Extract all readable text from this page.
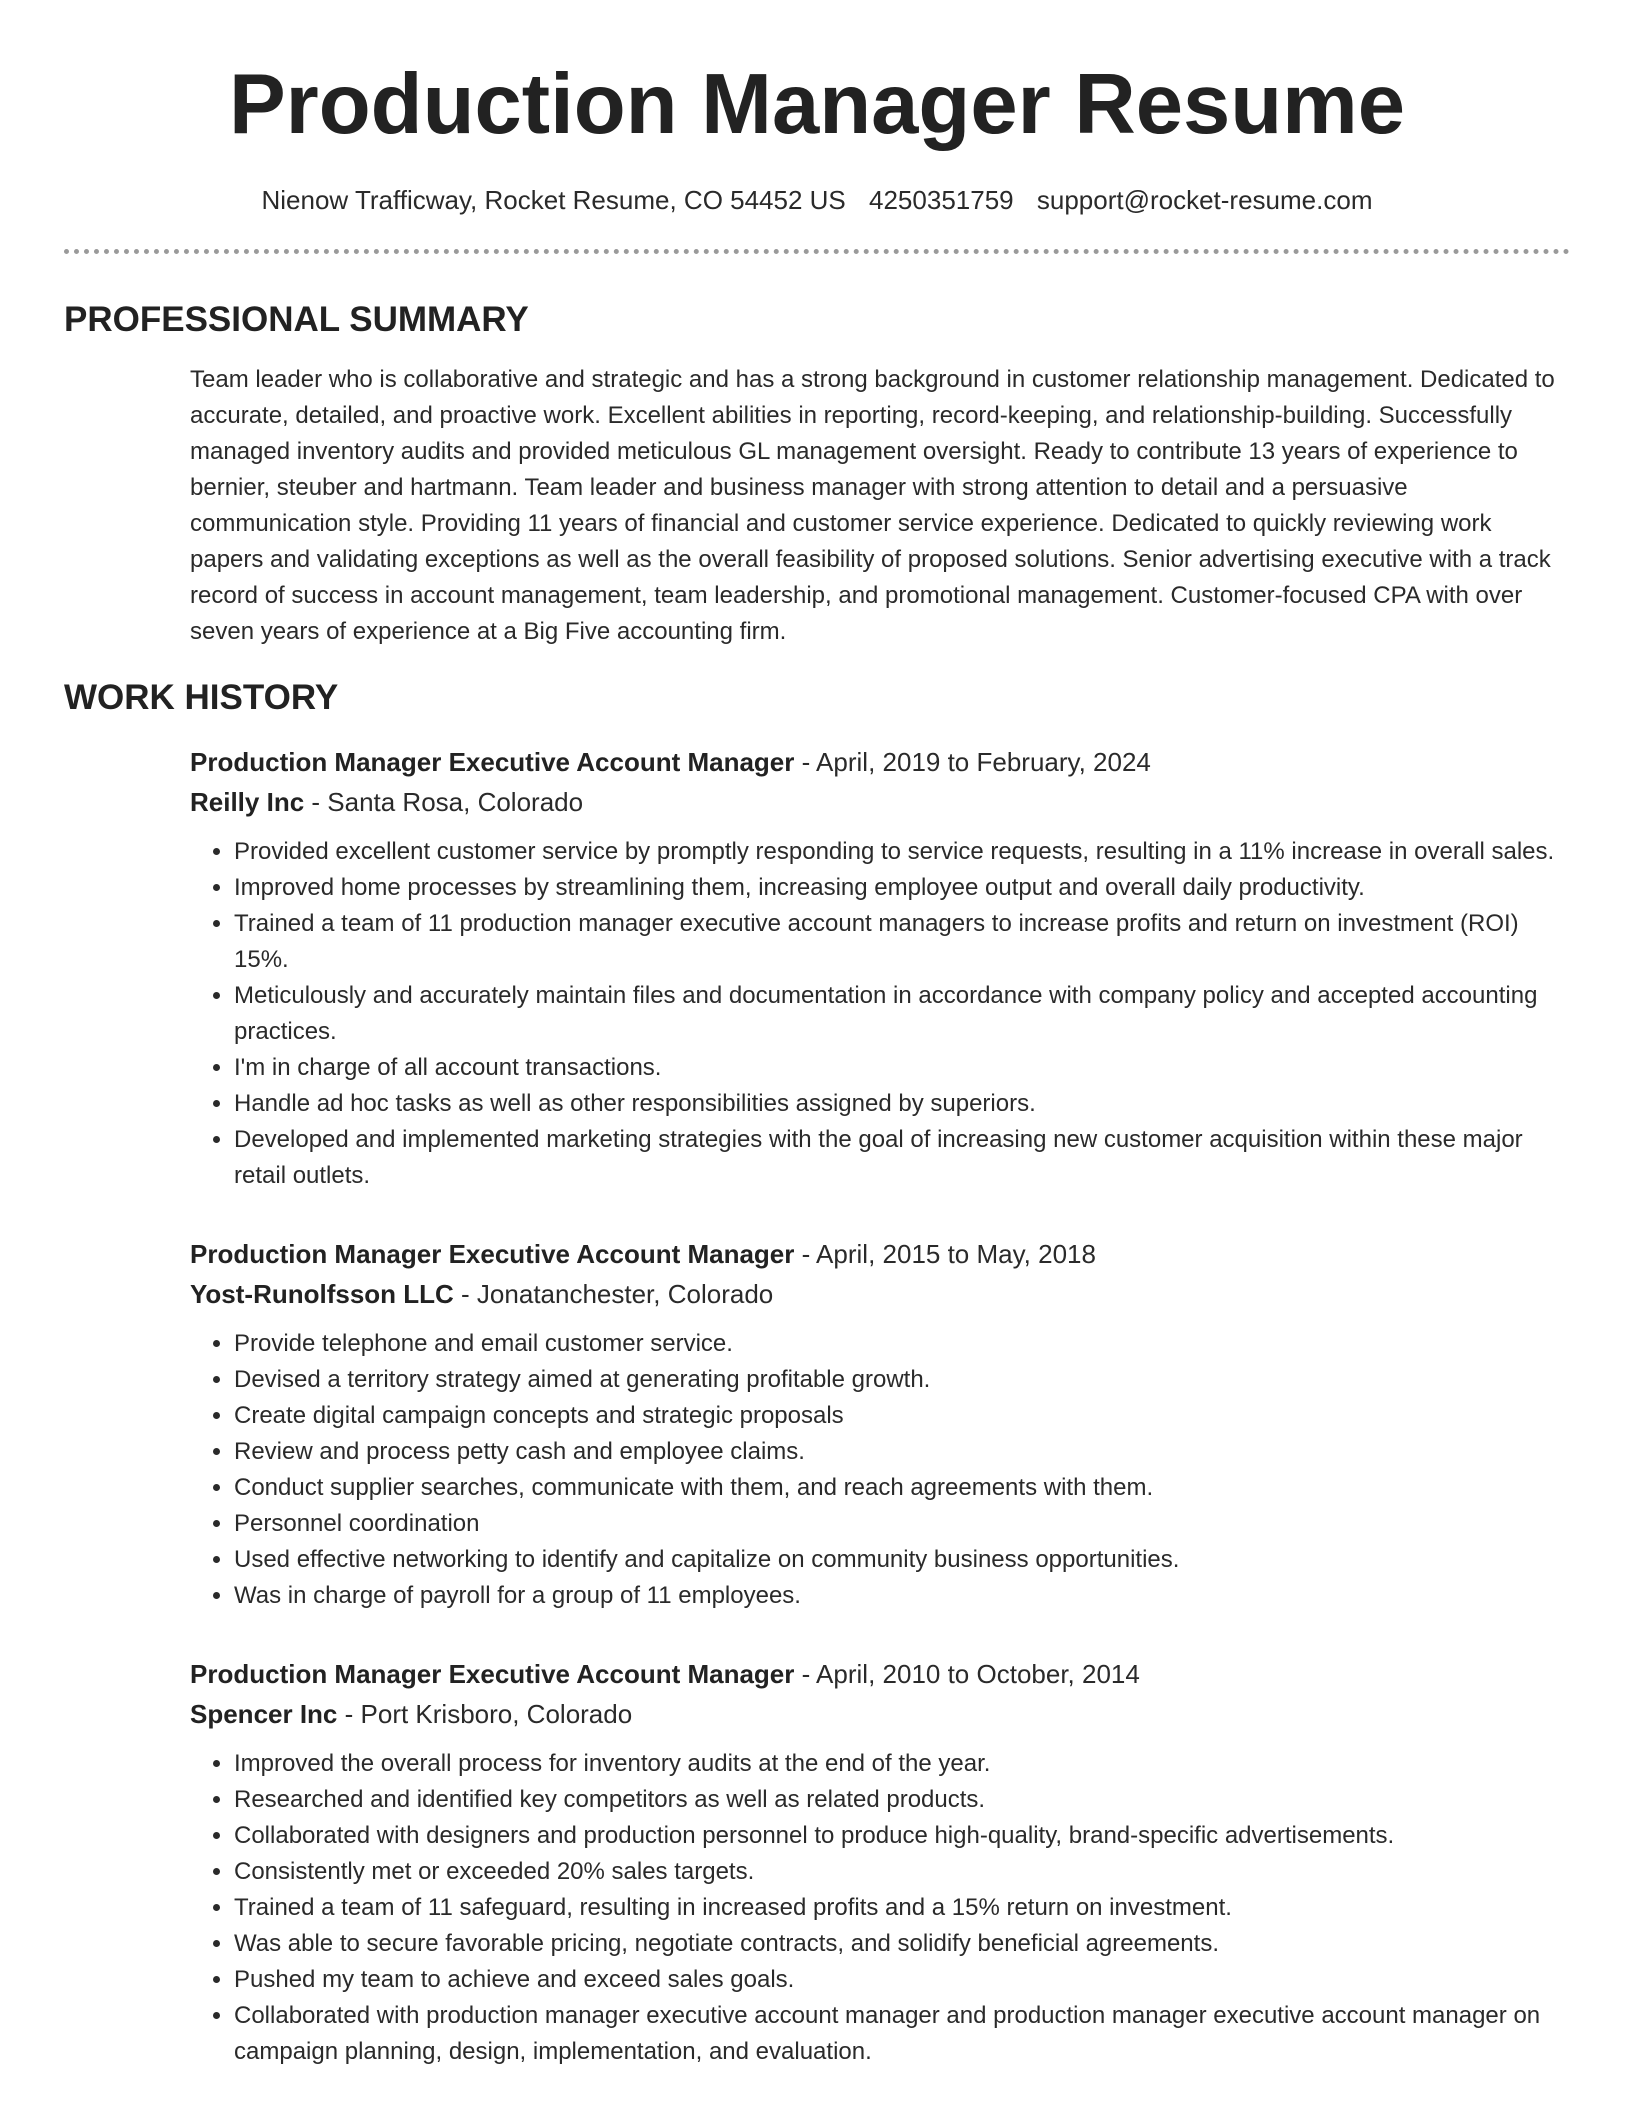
Production Manager Resume
Nienow Trafficway, Rocket Resume, CO 54452 US 4250351759 support@rocket-resume.com
PROFESSIONAL SUMMARY

Team leader who is collaborative and strategic and has a strong background in customer relationship management. Dedicated to accurate, detailed, and proactive work. Excellent abilities in reporting, record-keeping, and relationship-building. Successfully managed inventory audits and provided meticulous GL management oversight. Ready to contribute 13 years of experience to bernier, steuber and hartmann. Team leader and business manager with strong attention to detail and a persuasive communication style. Providing 11 years of financial and customer service experience. Dedicated to quickly reviewing work papers and validating exceptions as well as the overall feasibility of proposed solutions. Senior advertising executive with a track record of success in account management, team leadership, and promotional management. Customer-focused CPA with over seven years of experience at a Big Five accounting firm.

WORK HISTORY
Production Manager Executive Account Manager - April, 2019 to February, 2024
Reilly Inc - Santa Rosa, Colorado
• Provided excellent customer service by promptly responding to service requests, resulting in a 11% increase in overall sales.
• Improved home processes by streamlining them, increasing employee output and overall daily productivity.
• Trained a team of 11 production manager executive account managers to increase profits and return on investment (ROI) 15%.
• Meticulously and accurately maintain files and documentation in accordance with company policy and accepted accounting practices.
• I'm in charge of all account transactions.
• Handle ad hoc tasks as well as other responsibilities assigned by superiors.
• Developed and implemented marketing strategies with the goal of increasing new customer acquisition within these major retail outlets.
Production Manager Executive Account Manager - April, 2015 to May, 2018
Yost-Runolfsson LLC - Jonatanchester, Colorado
• Provide telephone and email customer service.
• Devised a territory strategy aimed at generating profitable growth.
• Create digital campaign concepts and strategic proposals
• Review and process petty cash and employee claims.
• Conduct supplier searches, communicate with them, and reach agreements with them.
• Personnel coordination
• Used effective networking to identify and capitalize on community business opportunities.
• Was in charge of payroll for a group of 11 employees.
Production Manager Executive Account Manager - April, 2010 to October, 2014
Spencer Inc - Port Krisboro, Colorado
• Improved the overall process for inventory audits at the end of the year.
• Researched and identified key competitors as well as related products.
• Collaborated with designers and production personnel to produce high-quality, brand-specific advertisements.
• Consistently met or exceeded 20% sales targets.
• Trained a team of 11 safeguard, resulting in increased profits and a 15% return on investment.
• Was able to secure favorable pricing, negotiate contracts, and solidify beneficial agreements.
• Pushed my team to achieve and exceed sales goals.
• Collaborated with production manager executive account manager and production manager executive account manager on campaign planning, design, implementation, and evaluation.
